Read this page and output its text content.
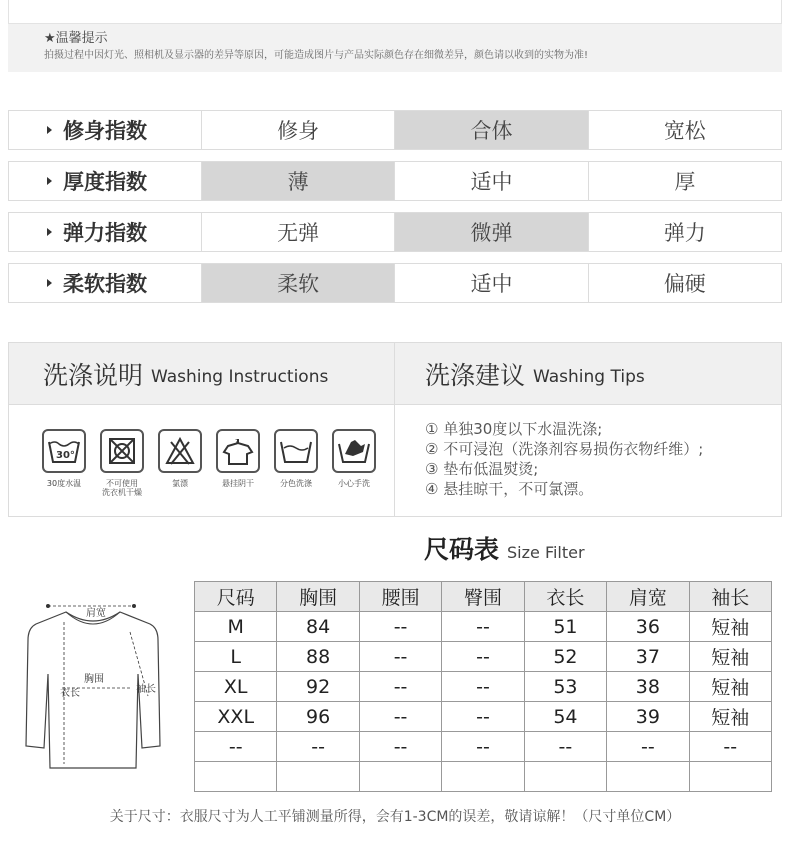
★温馨提示
拍摄过程中因灯光、照相机及显示器的差异等原因，可能造成图片与产品实际颜色存在细微差异，颜色请以收到的实物为准!
修身指数	修身	合体	宽松
厚度指数	薄	适中	厚
弹力指数	无弹	微弹	弹力
柔软指数	柔软	适中	偏硬
洗涤说明 Washing Instructions	洗涤建议 Washing Tips
30°
30度水温	不可使用
洗衣机干燥
氯漂
?
悬挂阴干	分色洗涤	小心手洗
① 单独30度以下水温洗涤;
② 不可浸泡（洗涤剂容易损伤衣物纤维）;
③ 垫布低温熨烫;
④ 悬挂晾干，不可氯漂。
尺码表 Size Filter
肩宽
胸围
衣长	袖长
尺码	胸围	腰围	臀围	衣长	肩宽	袖长
M	84	--	--	51	36	短袖
L	88	--	--	52	37	短袖
XL	92	--	--	53	38	短袖
XXL	96	--	--	54	39	短袖
--	--	--	--	--	--	--

关于尺寸：衣服尺寸为人工平铺测量所得，会有1-3CM的误差，敬请谅解！（尺寸单位CM）
